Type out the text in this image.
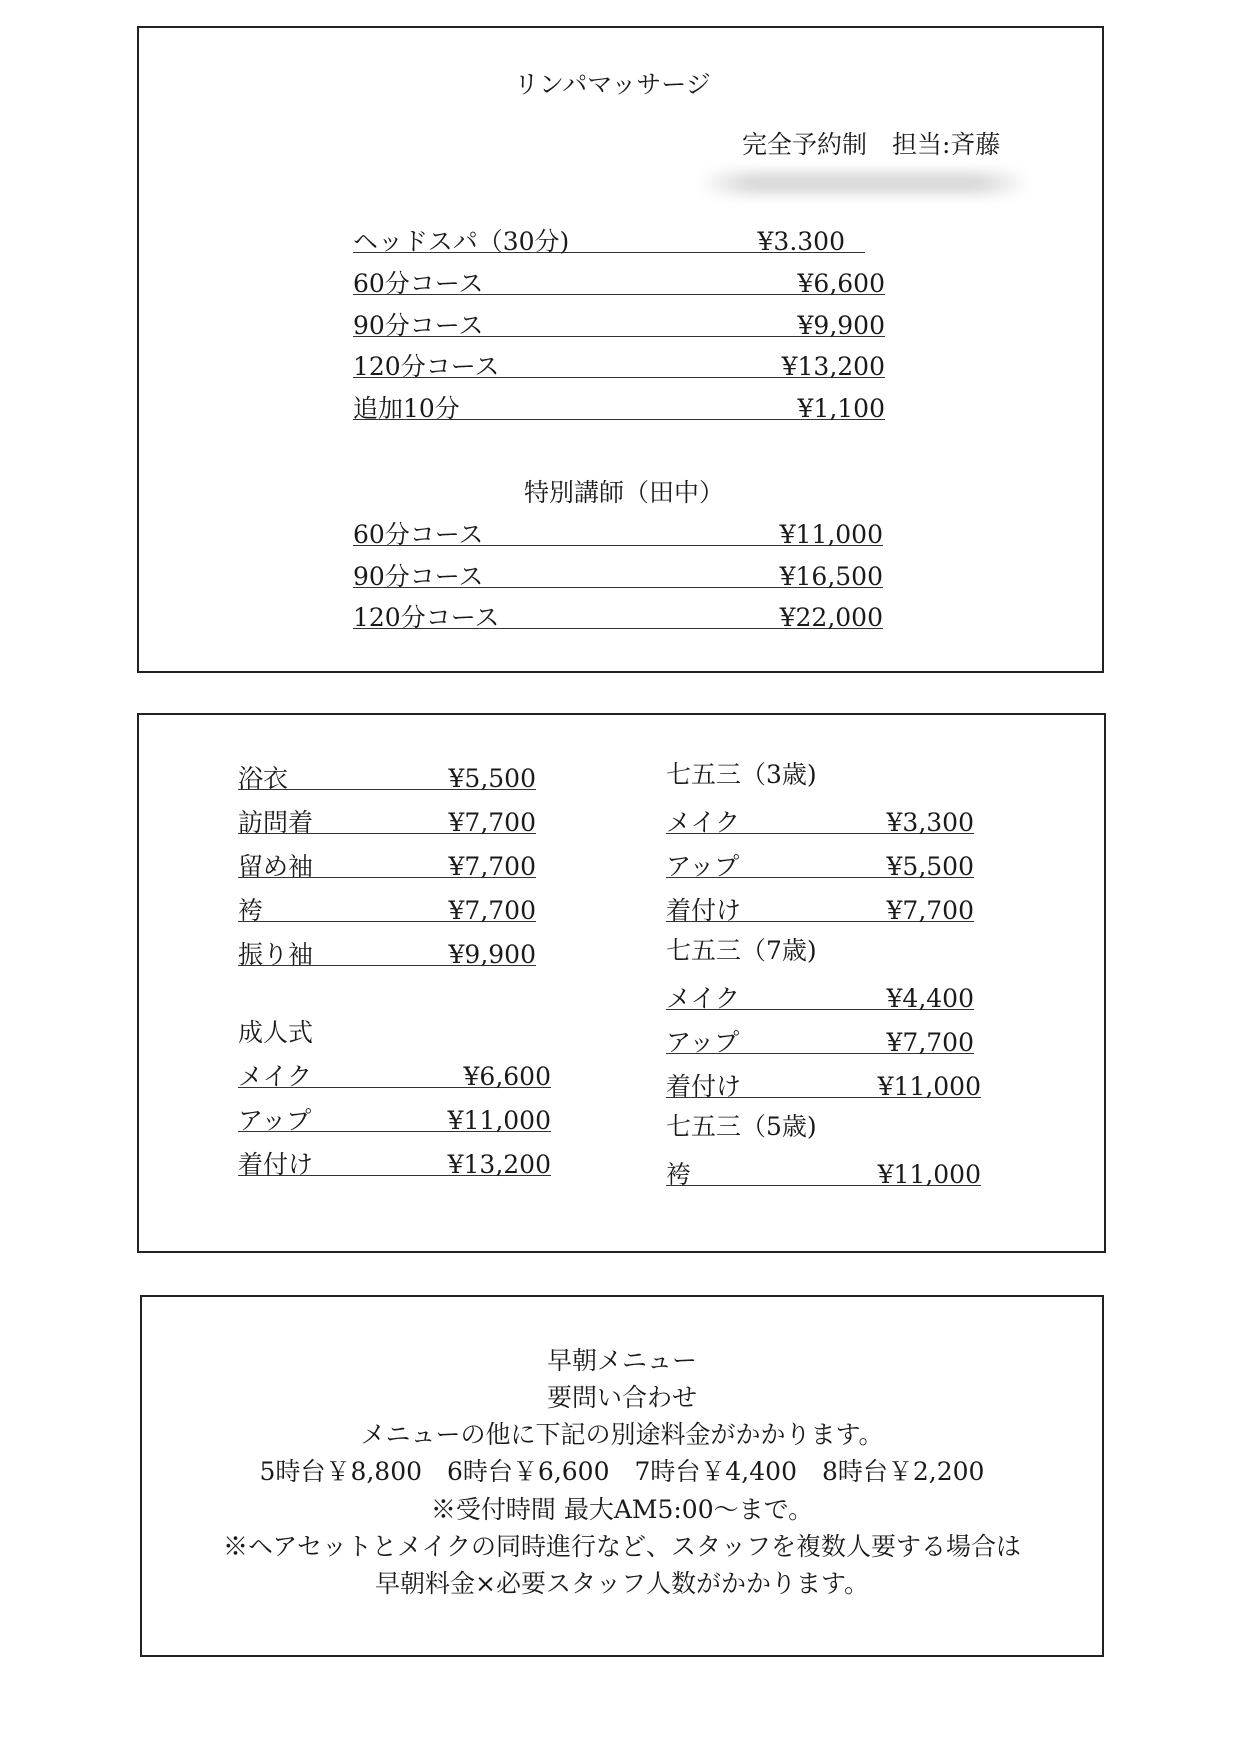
リンパマッサージ
完全予約制　担当:斉藤
ヘッドスパ（30分)	¥3.300
60分コース	¥6,600
90分コース	¥9,900
120分コース	¥13,200
追加10分	¥1,100
特別講師（田中）
60分コース	¥11,000
90分コース	¥16,500
120分コース	¥22,000
浴衣	¥5,500
訪問着	¥7,700
留め袖	¥7,700
袴	¥7,700
振り袖	¥9,900
成人式
メイク	¥6,600
アップ	¥11,000
着付け	¥13,200
七五三（3歳)
メイク	¥3,300
アップ	¥5,500
着付け	¥7,700
七五三（7歳)
メイク	¥4,400
アップ	¥7,700
着付け	¥11,000
七五三（5歳)
袴	¥11,000
早朝メニュー
要問い合わせ
メニューの他に下記の別途料金がかかります。
5時台￥8,800　6時台￥6,600　7時台￥4,400　8時台￥2,200
※受付時間 最大AM5:00〜まで。
※ヘアセットとメイクの同時進行など、スタッフを複数人要する場合は
早朝料金×必要スタッフ人数がかかります。
